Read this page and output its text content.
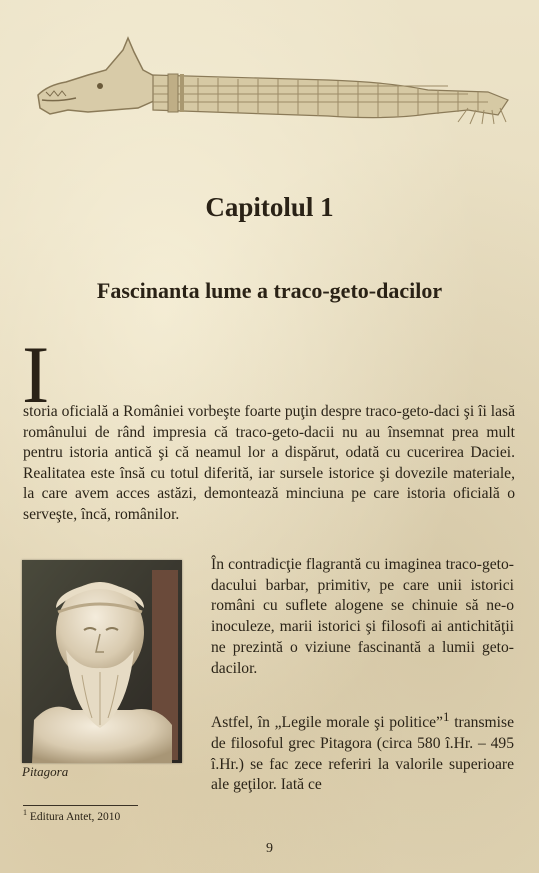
Capitolul 1
Fascinanta lume a traco-geto-dacilor
I

storia oficială a României vorbeşte foarte puţin despre traco-geto-daci şi îi lasă românului de rând impresia că traco-geto-dacii nu au însemnat prea mult pentru istoria antică şi că neamul lor a dispărut, odată cu cucerirea Daciei. Realitatea este însă cu totul diferită, iar sursele istorice şi dovezile materiale, la care avem acces astăzi, demontează minciuna pe care istoria oficială o serveşte, încă, românilor.

Pitagora

În contradicţie flagrantă cu imaginea traco-geto-dacului barbar, primitiv, pe care unii istorici români cu suflete alogene se chinuie să ne-o inoculeze, marii istorici şi filosofi ai antichităţii ne prezintă o viziune fascinantă a lumii geto-dacilor.

Astfel, în „Legile morale şi politice”$^1$ transmise de filosoful grec Pitagora (circa 580 î.Hr. – 495 î.Hr.) se fac zece referiri la valorile superioare ale geţilor. Iată ce

$^1$ Editura Antet, 2010
9
